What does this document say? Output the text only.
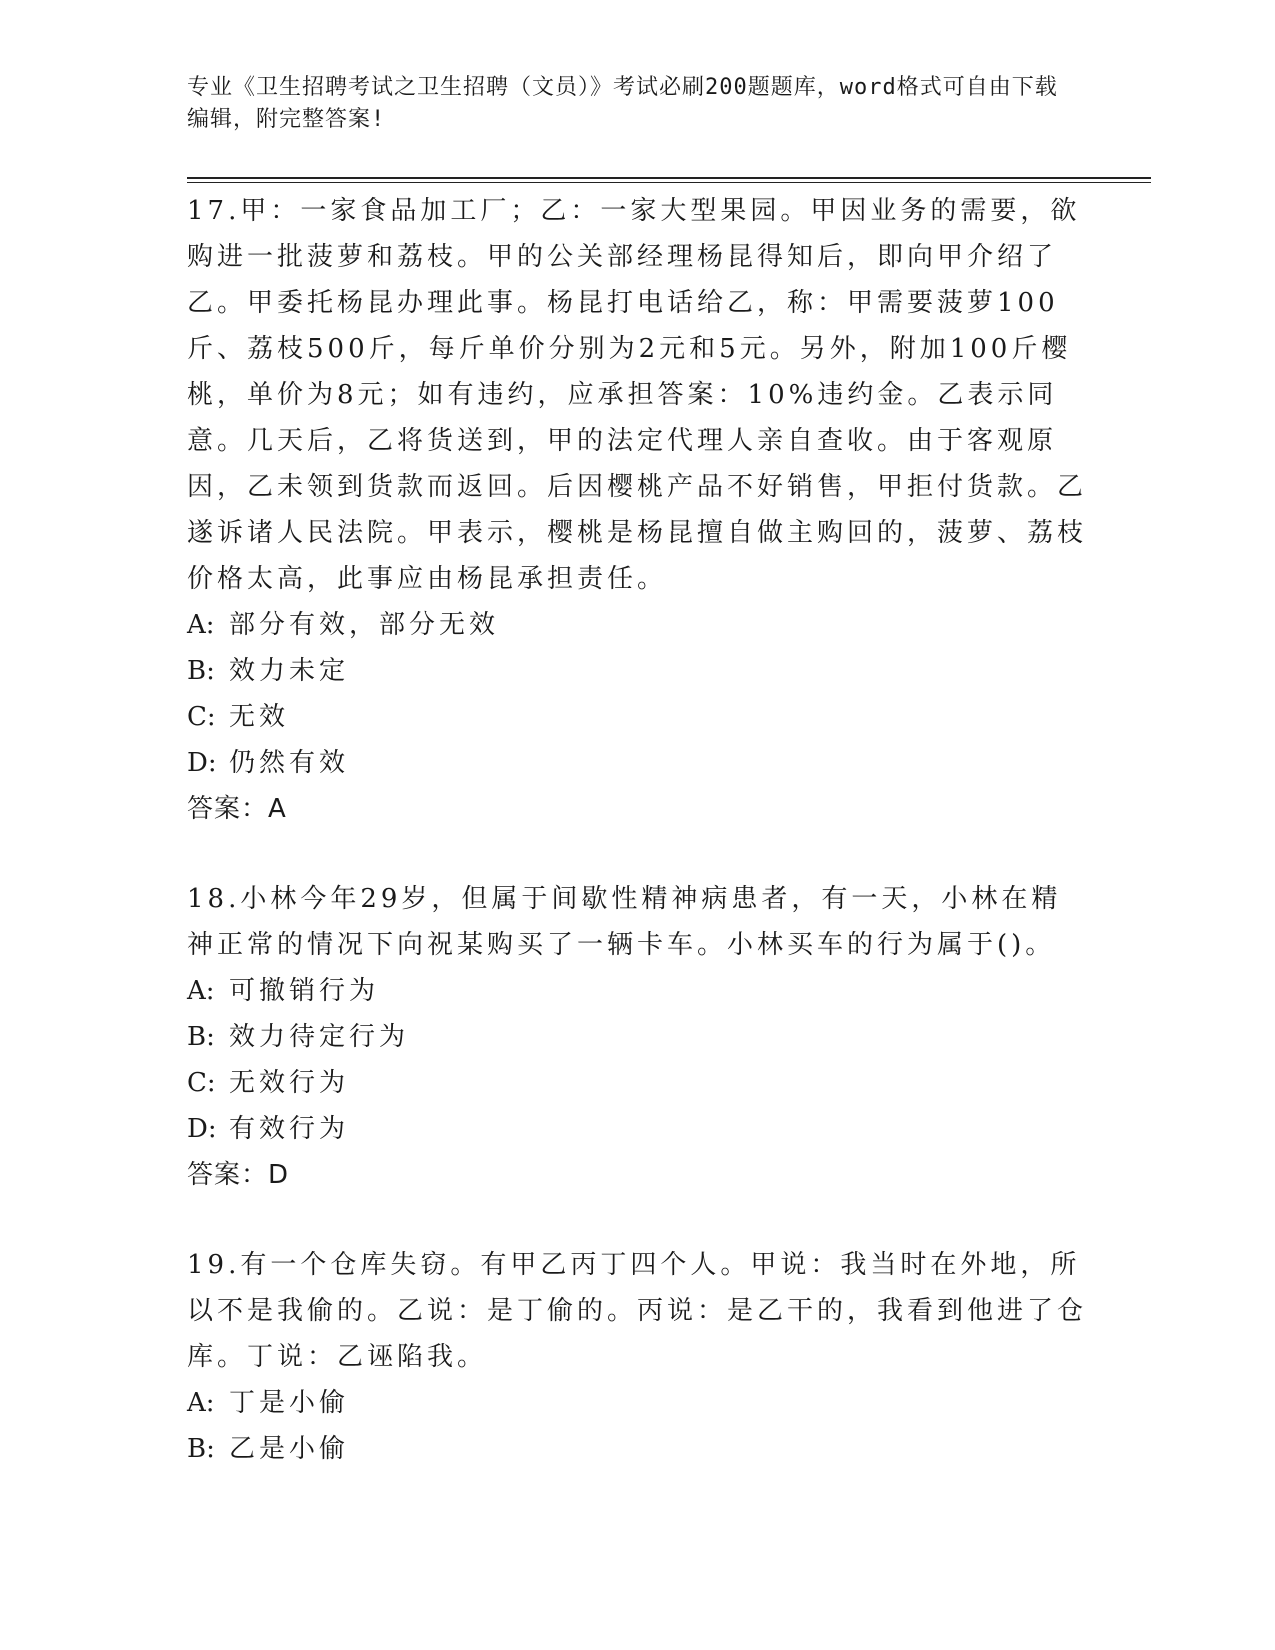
专业《卫生招聘考试之卫生招聘（文员）》考试必刷200题题库，word格式可自由下载编辑，附完整答案!

17.甲：一家食品加工厂；乙：一家大型果园。甲因业务的需要，欲购进一批菠萝和荔枝。甲的公关部经理杨昆得知后，即向甲介绍了乙。甲委托杨昆办理此事。杨昆打电话给乙，称：甲需要菠萝100斤、荔枝500斤，每斤单价分别为2元和5元。另外，附加100斤樱桃，单价为8元；如有违约，应承担答案：10%违约金。乙表示同意。几天后，乙将货送到，甲的法定代理人亲自查收。由于客观原因，乙未领到货款而返回。后因樱桃产品不好销售，甲拒付货款。乙遂诉诸人民法院。甲表示，樱桃是杨昆擅自做主购回的，菠萝、荔枝价格太高，此事应由杨昆承担责任。

A: 部分有效，部分无效

B: 效力未定

C: 无效

D: 仍然有效

答案：A

18.小林今年29岁，但属于间歇性精神病患者，有一天，小林在精神正常的情况下向祝某购买了一辆卡车。小林买车的行为属于()。

A: 可撤销行为

B: 效力待定行为

C: 无效行为

D: 有效行为

答案：D

19.有一个仓库失窃。有甲乙丙丁四个人。甲说：我当时在外地，所以不是我偷的。乙说：是丁偷的。丙说：是乙干的，我看到他进了仓库。丁说：乙诬陷我。

A: 丁是小偷

B: 乙是小偷
